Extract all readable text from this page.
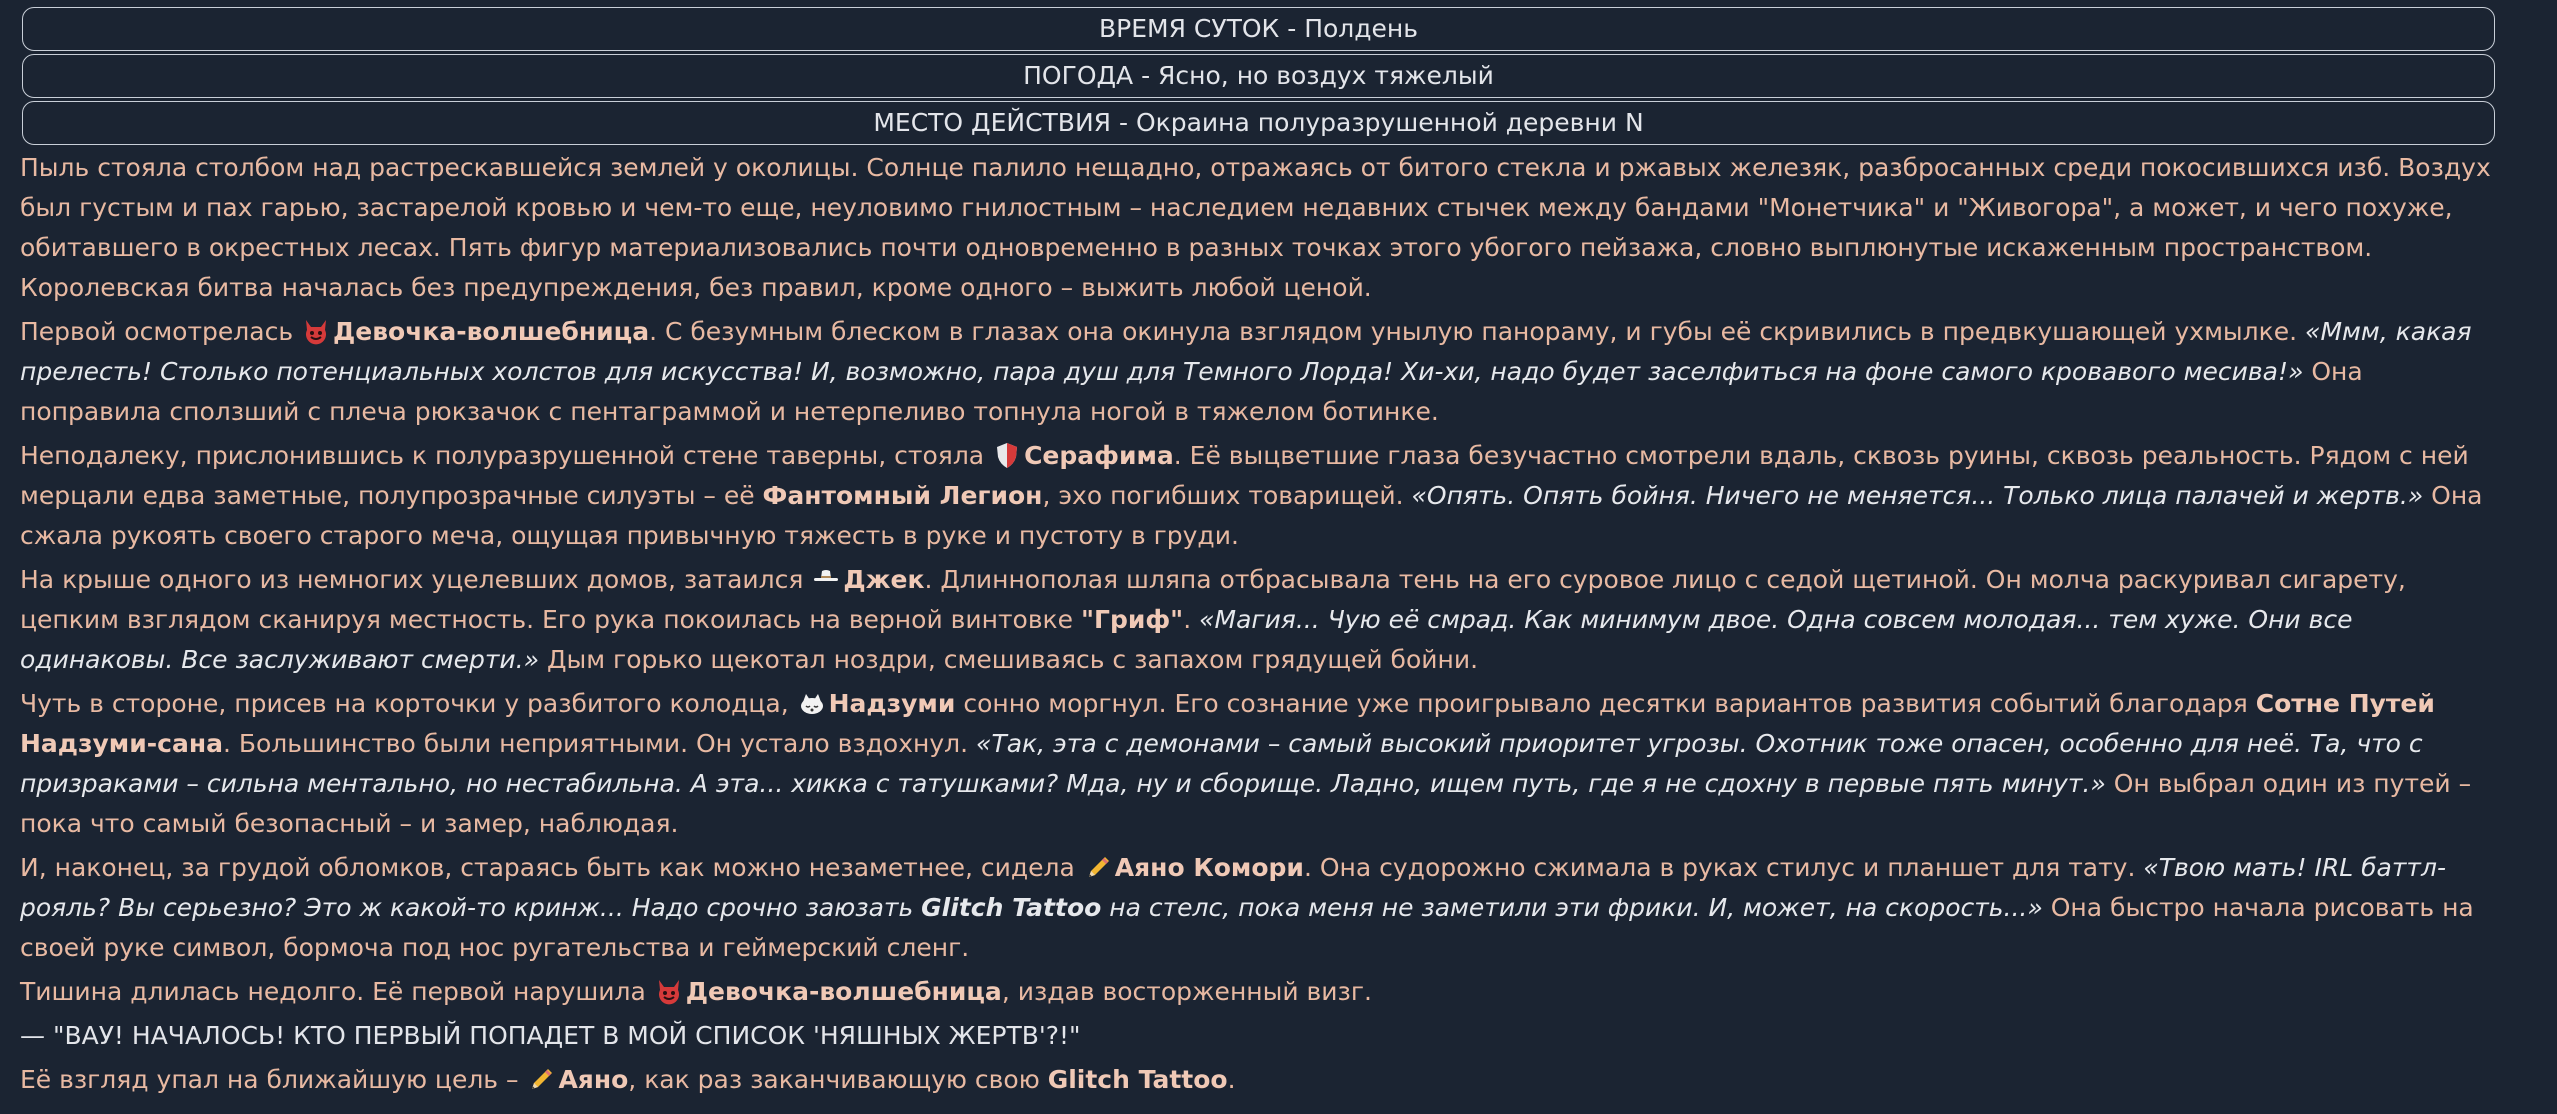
ВРЕМЯ СУТОК - Полдень
ПОГОДА - Ясно, но воздух тяжелый
МЕСТО ДЕЙСТВИЯ - Окраина полуразрушенной деревни N

Пыль стояла столбом над растрескавшейся землей у околицы. Солнце палило нещадно, отражаясь от битого стекла и ржавых железяк, разбросанных среди покосившихся изб. Воздух был густым и пах гарью, застарелой кровью и чем-то еще, неуловимо гнилостным – наследием недавних стычек между бандами "Монетчика" и "Живогора", а может, и чего похуже, обитавшего в окрестных лесах. Пять фигур материализовались почти одновременно в разных точках этого убогого пейзажа, словно выплюнутые искаженным пространством. Королевская битва началась без предупреждения, без правил, кроме одного – выжить любой ценой.

Первой осмотрелась
Девочка-волшебница. С безумным блеском в глазах она окинула взглядом унылую панораму, и губы её скривились в предвкушающей ухмылке. «Ммм, какая прелесть! Столько потенциальных холстов для искусства! И, возможно, пара душ для Темного Лорда! Хи-хи, надо будет заселфиться на фоне самого кровавого месива!» Она поправила сползший с плеча рюкзачок с пентаграммой и нетерпеливо топнула ногой в тяжелом ботинке.

Неподалеку, прислонившись к полуразрушенной стене таверны, стояла
Серафима. Её выцветшие глаза безучастно смотрели вдаль, сквозь руины, сквозь реальность. Рядом с ней мерцали едва заметные, полупрозрачные силуэты – её Фантомный Легион, эхо погибших товарищей. «Опять. Опять бойня. Ничего не меняется... Только лица палачей и жертв.» Она сжала рукоять своего старого меча, ощущая привычную тяжесть в руке и пустоту в груди.

На крыше одного из немногих уцелевших домов, затаился
Джек. Длиннополая шляпа отбрасывала тень на его суровое лицо с седой щетиной. Он молча раскуривал сигарету, цепким взглядом сканируя местность. Его рука покоилась на верной винтовке "Гриф". «Магия... Чую её смрад. Как минимум двое. Одна совсем молодая... тем хуже. Они все одинаковы. Все заслуживают смерти.» Дым горько щекотал ноздри, смешиваясь с запахом грядущей бойни.

Чуть в стороне, присев на корточки у разбитого колодца,
Надзуми сонно моргнул. Его сознание уже проигрывало десятки вариантов развития событий благодаря Сотне Путей Надзуми-сана. Большинство были неприятными. Он устало вздохнул. «Так, эта с демонами – самый высокий приоритет угрозы. Охотник тоже опасен, особенно для неё. Та, что с призраками – сильна ментально, но нестабильна. А эта... хикка с татушками? Мда, ну и сборище. Ладно, ищем путь, где я не сдохну в первые пять минут.» Он выбрал один из путей – пока что самый безопасный – и замер, наблюдая.

И, наконец, за грудой обломков, стараясь быть как можно незаметнее, сидела
Аяно Комори. Она судорожно сжимала в руках стилус и планшет для тату. «Твою мать! IRL баттл-рояль? Вы серьезно? Это ж какой-то кринж... Надо срочно заюзать Glitch Tattoo на стелс, пока меня не заметили эти фрики. И, может, на скорость...» Она быстро начала рисовать на своей руке символ, бормоча под нос ругательства и геймерский сленг.

Тишина длилась недолго. Её первой нарушила
Девочка-волшебница, издав восторженный визг.

— "ВАУ! НАЧАЛОСЬ! КТО ПЕРВЫЙ ПОПАДЕТ В МОЙ СПИСОК 'НЯШНЫХ ЖЕРТВ'?!"

Её взгляд упал на ближайшую цель –
Аяно, как раз заканчивающую свою Glitch Tattoo.
